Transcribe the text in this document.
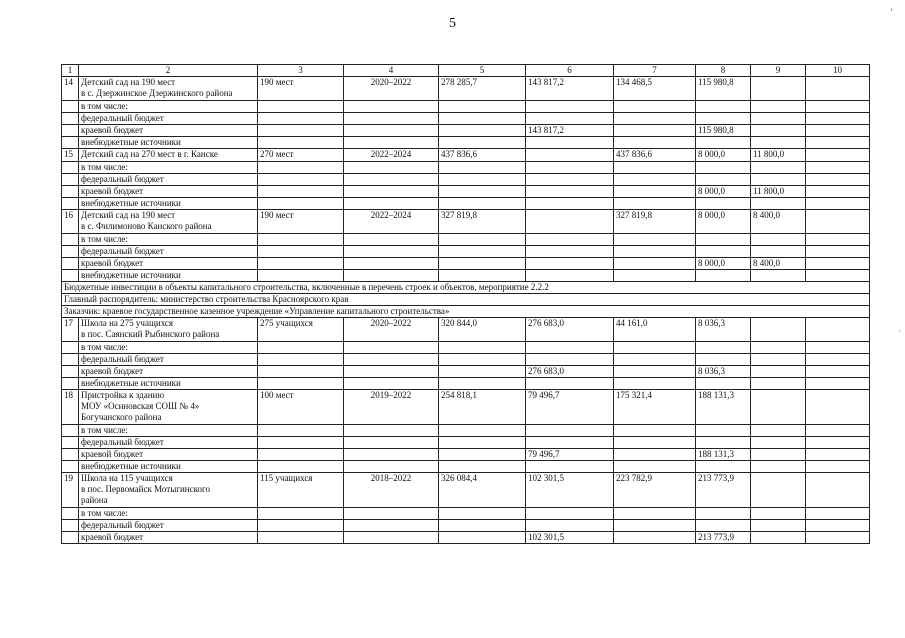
5
›
·
1	2	3	4	5	6	7	8	9	10
14	Детский сад на 190 мест
в с. Дзержинское Дзержинского района	190 мест	2020–2022	278 285,7	143 817,2	134 468,5	115 980,8		
	в том числе:								
	федеральный бюджет								
	краевой бюджет				143 817,2		115 980,8		
	внебюджетные источники								
15	Детский сад на 270 мест в г. Канске	270 мест	2022–2024	437 836,6		437 836,6	8 000,0	11 800,0	
	в том числе:								
	федеральный бюджет								
	краевой бюджет						8 000,0	11 800,0	
	внебюджетные источники								
16	Детский сад на 190 мест
в с. Филимоново Канского района	190 мест	2022–2024	327 819,8		327 819,8	8 000,0	8 400,0	
	в том числе:								
	федеральный бюджет								
	краевой бюджет						8 000,0	8 400,0	
	внебюджетные источники								
Бюджетные инвестиции в объекты капитального строительства, включенные в перечень строек и объектов, мероприятие 2.2.2									
Главный распорядитель: министерство строительства Красноярского края									
Заказчик: краевое государственное казенное учреждение «Управление капитального строительства»									
17	Школа на 275 учащихся
в пос. Саянский Рыбинского района	275 учащихся	2020–2022	320 844,0	276 683,0	44 161,0	8 036,3		
	в том числе:								
	федеральный бюджет								
	краевой бюджет				276 683,0		8 036,3		
	внебюджетные источники								
18	Пристройка к зданию
МОУ «Осиновская СОШ № 4»
Богучанского района	100 мест	2019–2022	254 818,1	79 496,7	175 321,4	188 131,3		
	в том числе:								
	федеральный бюджет								
	краевой бюджет				79 496,7		188 131,3		
	внебюджетные источники								
19	Школа на 115 учащихся
в пос. Первомайск Мотыгинского
района	115 учащихся	2018–2022	326 084,4	102 301,5	223 782,9	213 773,9		
	в том числе:								
	федеральный бюджет								
	краевой бюджет				102 301,5		213 773,9		
